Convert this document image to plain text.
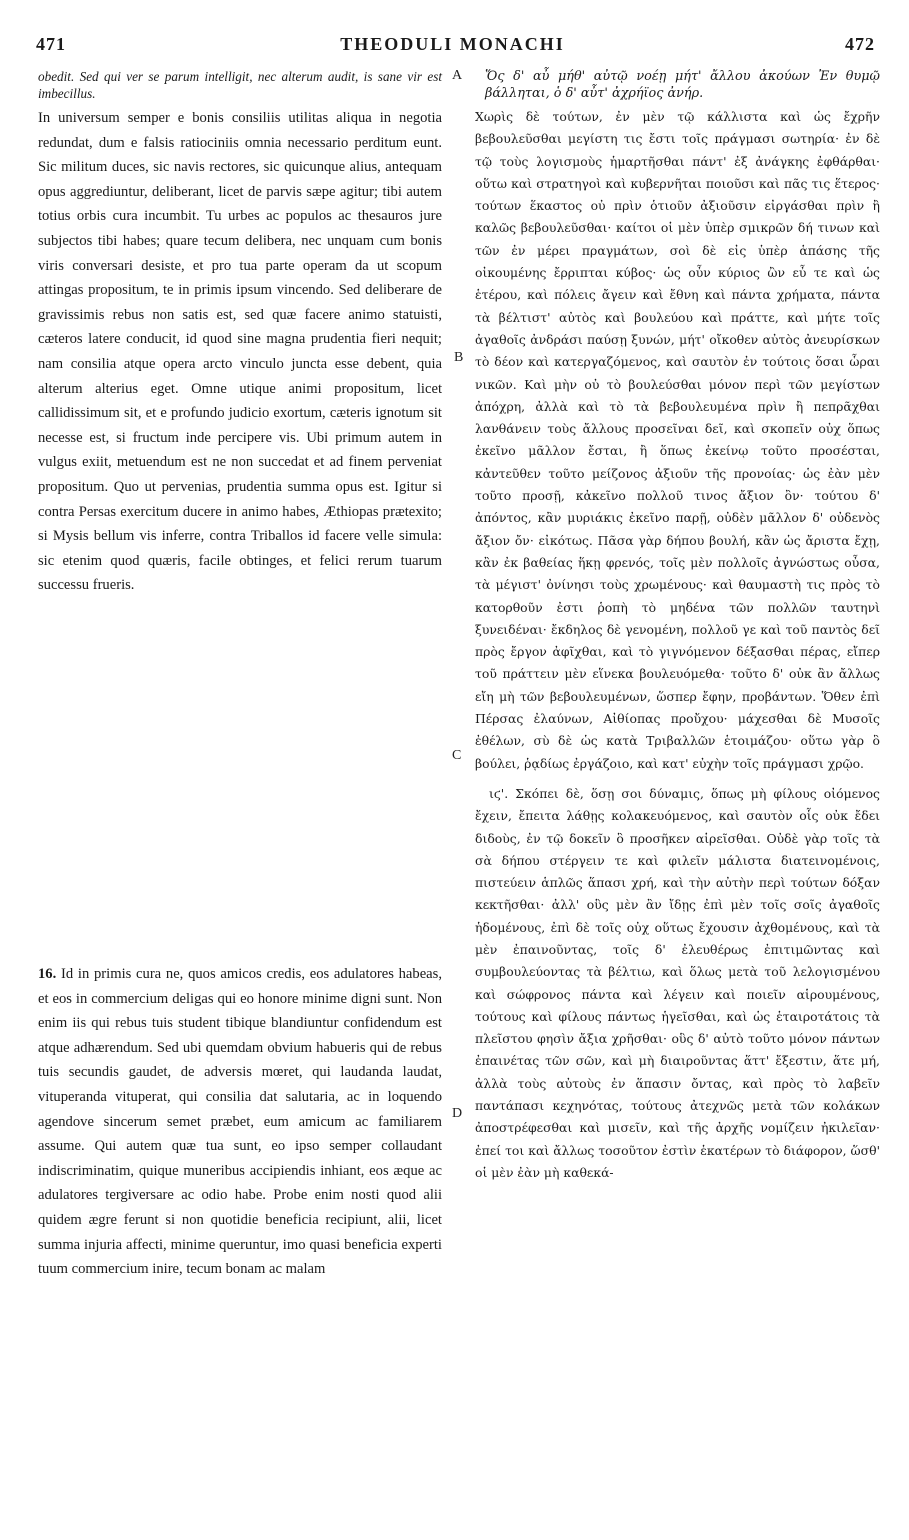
471	THEODULI MONACHI	472

obedit. Sed qui ver se parum intelligit, nec alterum audit, is sane vir est imbecillus.

In universum semper e bonis consiliis utilitas aliqua in negotia redundat, dum e falsis ratiociniis omnia necessario perditum eunt. Sic militum duces, sic navis rectores, sic quicunque alius, antequam opus aggrediuntur, deliberant, licet de parvis sæpe agitur; tibi autem totius orbis cura incumbit. Tu urbes ac populos ac thesauros jure subjectos tibi habes; quare tecum delibera, nec unquam cum bonis viris conversari desiste, et pro tua parte operam da ut scopum attingas propositum, te in primis ipsum vincendo. Sed deliberare de gravissimis rebus non satis est, sed quæ facere animo statuisti, cæteros latere conducit, id quod sine magna prudentia fieri nequit; nam consilia atque opera arcto vinculo juncta esse debent, quia alterum alterius eget. Omne utique animi propositum, licet callidissimum sit, et e profundo judicio exortum, cæteris ignotum sit necesse est, si fructum inde percipere vis. Ubi primum autem in vulgus exiit, metuendum est ne non succedat et ad finem perveniat propositum. Quo ut pervenias, prudentia summa opus est. Igitur si contra Persas exercitum ducere in animo habes, Æthiopas prætexito; si Mysis bellum vis inferre, contra Triballos id facere velle simula: sic etenim quod quæris, facile obtinges, et felici rerum tuarum successu frueris.

16. Id in primis cura ne, quos amicos credis, eos adulatores habeas, et eos in commercium deligas qui eo honore minime digni sunt. Non enim iis qui rebus tuis student tibique blandiuntur confidendum est atque adhærendum. Sed ubi quemdam obvium habueris qui de rebus tuis secundis gaudet, de adversis mœret, qui laudanda laudat, vituperanda vituperat, qui consilia dat salutaria, ac in loquendo agendove sincerum semet præbet, eum amicum ac familiarem assume. Qui autem quæ tua sunt, eo ipso semper collaudant indiscriminatim, quique muneribus accipiendis inhiant, eos æque ac adulatores tergiversare ac odio habe. Probe enim nosti quod alii quidem ægre ferunt si non quotidie beneficia recipiunt, alii, licet summa injuria affecti, minime queruntur, imo quasi beneficia experti tuum commercium inire, tecum bonam ac malam

Ὅς δ' αὖ μήθ' αὐτῷ νοέῃ μήτ' ἄλλου ἀκούων Ἐν θυμῷ βάλληται, ὁ δ' αὖτ' ἀχρήϊος ἀνήρ.

Χωρὶς δὲ τούτων, ἐν μὲν τῷ κάλλιστα καὶ ὡς ἔχρῆν βεβουλεῦσθαι μεγίστη τις ἔστι τοῖς πράγμασι σωτηρία· ἐν δὲ τῷ τοὺς λογισμοὺς ἡμαρτῆσθαι πάντ' ἐξ ἀνάγκης ἐφθάρθαι· οὕτω καὶ στρατηγοὶ καὶ κυβερνῆται ποιοῦσι καὶ πᾶς τις ἕτερος· τούτων ἕκαστος οὐ πρὶν ὁτιοῦν ἀξιοῦσιν εἰργάσθαι πρὶν ἢ καλῶς βεβουλεῦσθαι· καίτοι οἱ μὲν ὑπὲρ σμικρῶν δή τινων καὶ τῶν ἐν μέρει πραγμάτων, σοὶ δὲ εἰς ὑπὲρ ἁπάσης τῆς οἰκουμένης ἔρριπται κύβος· ὡς οὖν κύριος ὢν εὖ τε καὶ ὡς ἑτέρου, καὶ πόλεις ἄγειν καὶ ἔθνη καὶ πάντα χρήματα, πάντα τὰ βέλτιστ' αὐτὸς καὶ βουλεύου καὶ πράττε, καὶ μήτε τοῖς ἀγαθοῖς ἀνδράσι παύσῃ ξυνών, μήτ' οἴκοθεν αὐτὸς ἀνευρίσκων τὸ δέον καὶ κατεργαζόμενος, καὶ σαυτὸν ἐν τούτοις ὅσαι ὧραι νικῶν. Καὶ μὴν οὐ τὸ βουλεύσθαι μόνον περὶ τῶν μεγίστων ἀπόχρη, ἀλλὰ καὶ τὸ τὰ βεβουλευμένα πρὶν ἢ πεπρᾶχθαι λανθάνειν τοὺς ἄλλους προσεῖναι δεῖ, καὶ σκοπεῖν οὐχ ὅπως ἐκεῖνο μᾶλλον ἔσται, ἢ ὅπως ἐκείνῳ τοῦτο προσέσται, κἀντεῦθεν τοῦτο μείζονος ἀξιοῦν τῆς προνοίας· ὡς ἐὰν μὲν τοῦτο προσῇ, κἀκεῖνο πολλοῦ τινος ἄξιον ὂν· τούτου δ' ἀπόντος, κἂν μυριάκις ἐκεῖνο παρῇ, οὐδὲν μᾶλλον δ' οὐδενὸς ἄξιον ὄν· εἰκότως. Πᾶσα γὰρ δήπου βουλή, κἂν ὡς ἄριστα ἔχῃ, κἂν ἐκ βαθείας ἥκῃ φρενός, τοῖς μὲν πολλοῖς ἀγνώστως οὖσα, τὰ μέγιστ' ὀνίνησι τοὺς χρωμένους· καὶ θαυμαστὴ τις πρὸς τὸ κατορθοῦν ἐστι ῥοπὴ τὸ μηδένα τῶν πολλῶν ταυτηνὶ ξυνειδέναι· ἔκδηλος δὲ γενομένη, πολλοῦ γε καὶ τοῦ παντὸς δεῖ πρὸς ἔργον ἀφῖχθαι, καὶ τὸ γιγνόμενον δέξασθαι πέρας, εἴπερ τοῦ πράττειν μὲν εἵνεκα βουλευόμεθα· τοῦτο δ' οὐκ ἂν ἄλλως εἴη μὴ τῶν βεβουλευμένων, ὥσπερ ἔφην, προβάντων. Ὅθεν ἐπὶ Πέρσας ἐλαύνων, Αἰθίοπας προὔχου· μάχεσθαι δὲ Μυσοῖς ἐθέλων, σὺ δὲ ὡς κατὰ Τριβαλλῶν ἑτοιμάζου· οὕτω γὰρ ὃ βούλει, ῥᾳδίως ἐργάζοιο, καὶ κατ' εὐχὴν τοῖς πράγμασι χρῷο.

ιϛ'. Σκόπει δὲ, ὅσῃ σοι δύναμις, ὅπως μὴ φίλους οἰόμενος ἔχειν, ἔπειτα λάθῃς κολακευόμενος, καὶ σαυτὸν οἷς οὐκ ἔδει διδοὺς, ἐν τῷ δοκεῖν ὃ προσῆκεν αἱρεῖσθαι. Οὐδὲ γὰρ τοῖς τὰ σὰ δήπου στέργειν τε καὶ φιλεῖν μάλιστα διατεινομένοις, πιστεύειν ἁπλῶς ἅπασι χρή, καὶ τὴν αὐτὴν περὶ τούτων δόξαν κεκτῆσθαι· ἀλλ' οὓς μὲν ἂν ἴδῃς ἐπὶ μὲν τοῖς σοῖς ἀγαθοῖς ἡδομένους, ἐπὶ δὲ τοῖς οὐχ οὕτως ἔχουσιν ἀχθομένους, καὶ τὰ μὲν ἐπαινοῦντας, τοῖς δ' ἐλευθέρως ἐπιτιμῶντας καὶ συμβουλεύοντας τὰ βέλτιω, καὶ ὅλως μετὰ τοῦ λελογισμένου καὶ σώφρονος πάντα καὶ λέγειν καὶ ποιεῖν αἱρουμένους, τούτους καὶ φίλους πάντως ἡγεῖσθαι, καὶ ὡς ἑταιροτάτοις τὰ πλεῖστου φησὶν ἄξια χρῆσθαι· οὓς δ' αὐτὸ τοῦτο μόνον πάντων ἐπαινέτας τῶν σῶν, καὶ μὴ διαιροῦντας ἅττ' ἔξεστιν, ἅτε μή, ἀλλὰ τοὺς αὐτοὺς ἐν ἅπασιν ὄντας, καὶ πρὸς τὸ λαβεῖν παντάπασι κεχηνότας, τούτους ἀτεχνῶς μετὰ τῶν κολάκων ἀποστρέφεσθαι καὶ μισεῖν, καὶ τῆς ἀρχῆς νομίζειν ἠκιλεῖαν· ἐπεί τοι καὶ ἄλλως τοσοῦτον ἐστὶν ἑκατέρων τὸ διάφορον, ὥσθ' οἱ μὲν ἐὰν μὴ καθεκά-

A
B
C
D
